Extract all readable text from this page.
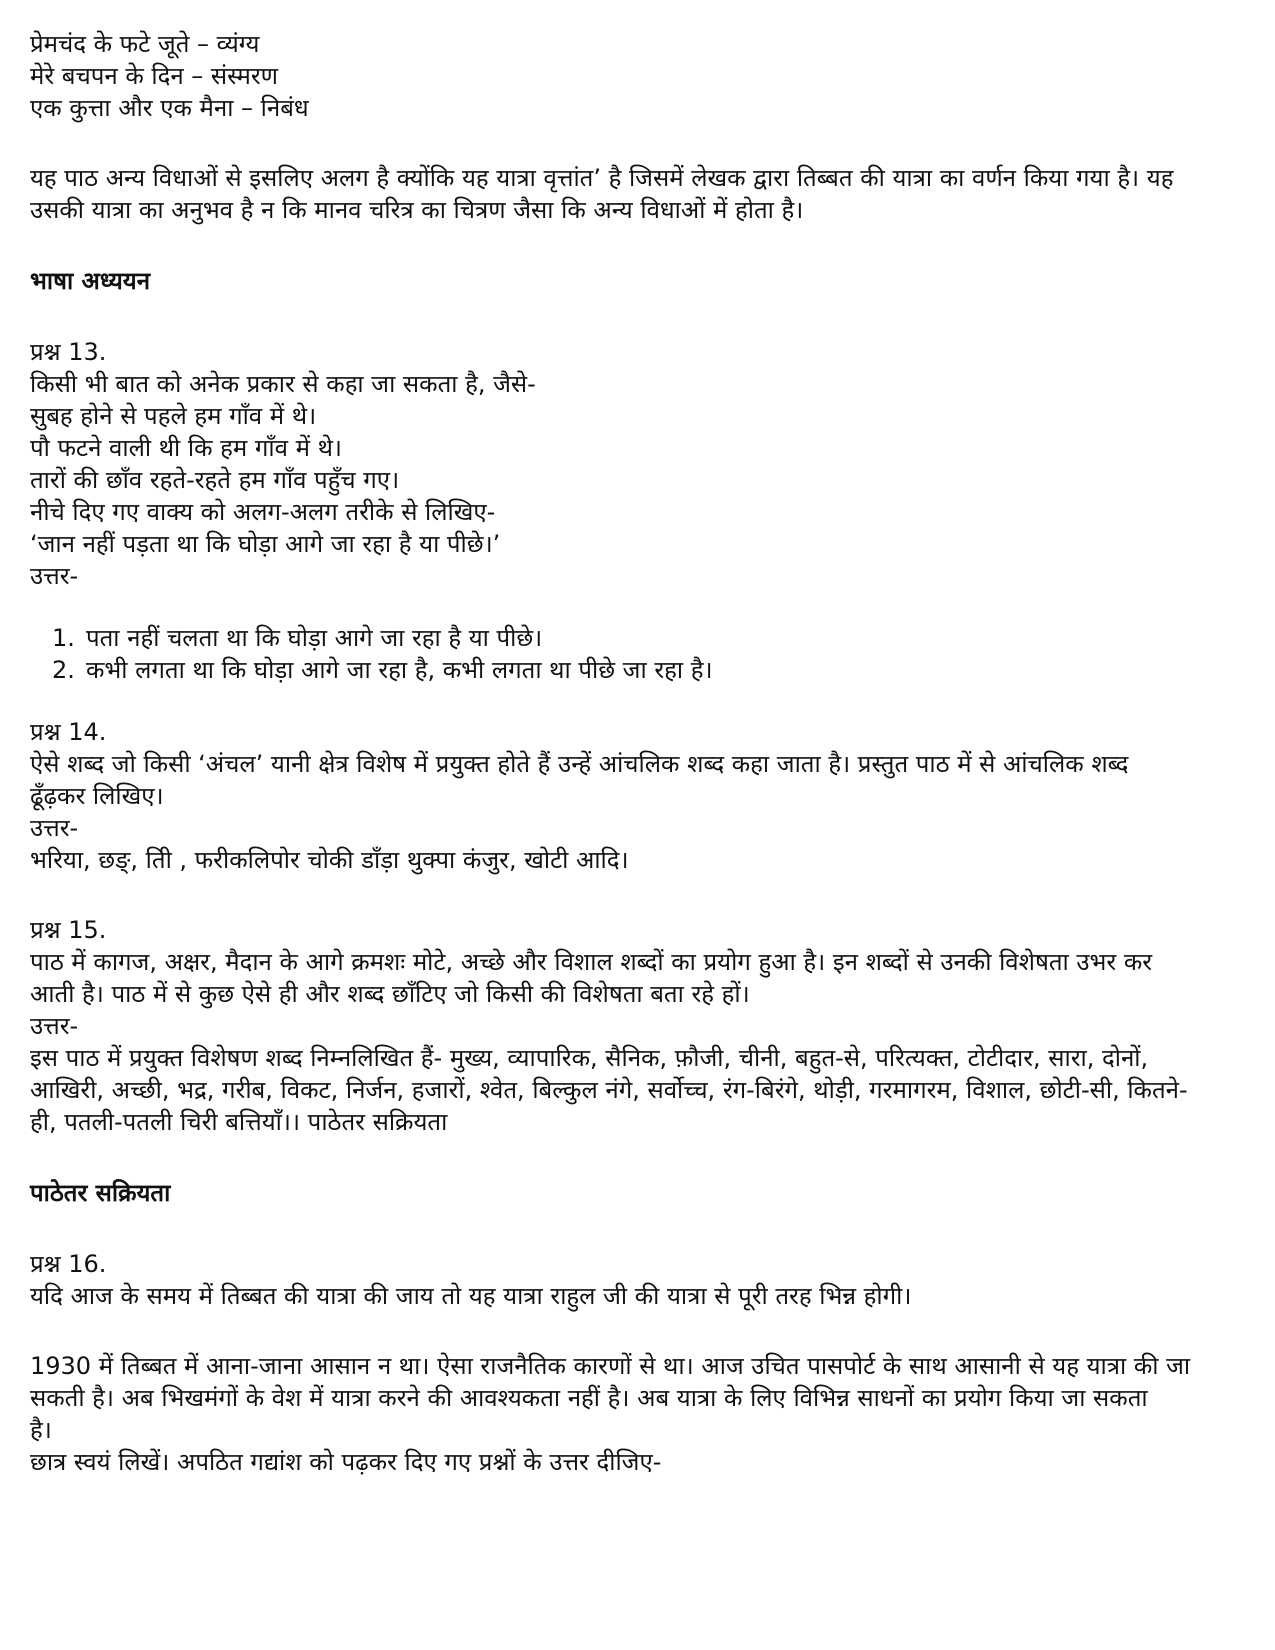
प्रेमचंद के फटे जूते – व्यंग्य
मेरे बचपन के दिन – संस्मरण
एक कुत्ता और एक मैना – निबंध
यह पाठ अन्य विधाओं से इसलिए अलग है क्योंकि यह यात्रा वृत्तांत’ है जिसमें लेखक द्वारा तिब्बत की यात्रा का वर्णन किया गया है। यह
उसकी यात्रा का अनुभव है न कि मानव चरित्र का चित्रण जैसा कि अन्य विधाओं में होता है।
भाषा अध्ययन
प्रश्न 13.
किसी भी बात को अनेक प्रकार से कहा जा सकता है, जैसे-
सुबह होने से पहले हम गाँव में थे।
पौ फटने वाली थी कि हम गाँव में थे।
तारों की छाँव रहते-रहते हम गाँव पहुँच गए।
नीचे दिए गए वाक्य को अलग-अलग तरीके से लिखिए-
‘जान नहीं पड़ता था कि घोड़ा आगे जा रहा है या पीछे।’
उत्तर-
1. पता नहीं चलता था कि घोड़ा आगे जा रहा है या पीछे।
2. कभी लगता था कि घोड़ा आगे जा रहा है, कभी लगता था पीछे जा रहा है।
प्रश्न 14.
ऐसे शब्द जो किसी ‘अंचल’ यानी क्षेत्र विशेष में प्रयुक्त होते हैं उन्हें आंचलिक शब्द कहा जाता है। प्रस्तुत पाठ में से आंचलिक शब्द
ढूँढ़कर लिखिए।
उत्तर-
भरिया, छङ्, तिी , फरीकलिपोर चोकी डाँड़ा थुक्पा कंजुर, खोटी आदि।
प्रश्न 15.
पाठ में कागज, अक्षर, मैदान के आगे क्रमशः मोटे, अच्छे और विशाल शब्दों का प्रयोग हुआ है। इन शब्दों से उनकी विशेषता उभर कर
आती है। पाठ में से कुछ ऐसे ही और शब्द छाँटिए जो किसी की विशेषता बता रहे हों।
उत्तर-
इस पाठ में प्रयुक्त विशेषण शब्द निम्नलिखित हैं- मुख्य, व्यापारिक, सैनिक, फ़ौजी, चीनी, बहुत-से, परित्यक्त, टोटीदार, सारा, दोनों,
आखिरी, अच्छी, भद्र, गरीब, विकट, निर्जन, हजारों, श्वेत, बिल्कुल नंगे, सर्वोच्च, रंग-बिरंगे, थोड़ी, गरमागरम, विशाल, छोटी-सी, कितने-
ही, पतली-पतली चिरी बत्तियाँ।। पाठेतर सक्रियता
पाठेतर सक्रियता
प्रश्न 16.
यदि आज के समय में तिब्बत की यात्रा की जाय तो यह यात्रा राहुल जी की यात्रा से पूरी तरह भिन्न होगी।
1930 में तिब्बत में आना-जाना आसान न था। ऐसा राजनैतिक कारणों से था। आज उचित पासपोर्ट के साथ आसानी से यह यात्रा की जा
सकती है। अब भिखमंगों के वेश में यात्रा करने की आवश्यकता नहीं है। अब यात्रा के लिए विभिन्न साधनों का प्रयोग किया जा सकता
है।
छात्र स्वयं लिखें। अपठित गद्यांश को पढ़कर दिए गए प्रश्नों के उत्तर दीजिए-
